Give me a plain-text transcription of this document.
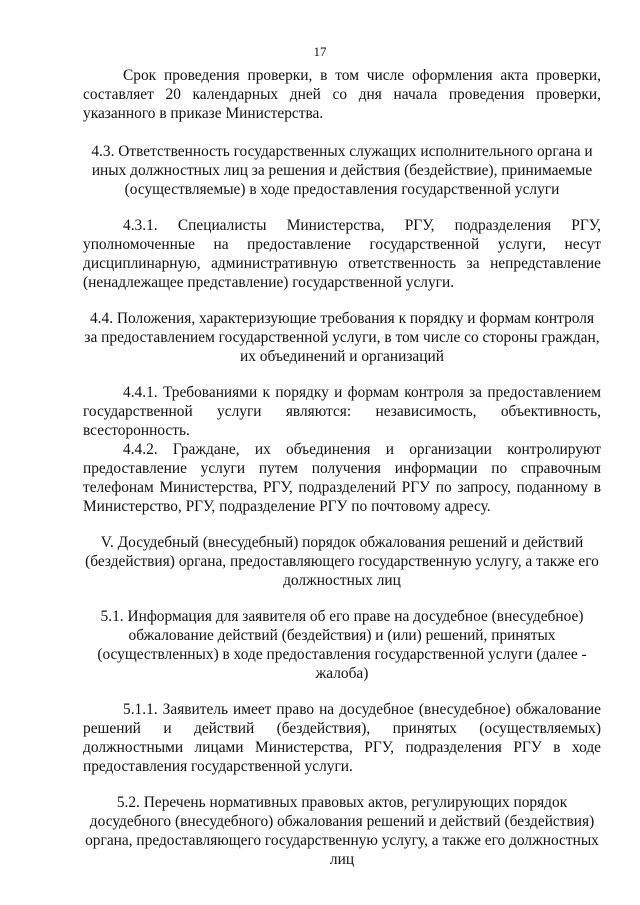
17

Срок проведения проверки, в том числе оформления акта проверки, составляет 20 календарных дней со дня начала проведения проверки, указанного в приказе Министерства.

4.3. Ответственность государственных служащих исполнительного органа и иных должностных лиц за решения и действия (бездействие), принимаемые (осуществляемые) в ходе предоставления государственной услуги

4.3.1. Специалисты Министерства, РГУ, подразделения РГУ, уполномоченные на предоставление государственной услуги, несут дисциплинарную, административную ответственность за непредставление (ненадлежащее представление) государственной услуги.

4.4. Положения, характеризующие требования к порядку и формам контроля за предоставлением государственной услуги, в том числе со стороны граждан, их объединений и организаций

4.4.1. Требованиями к порядку и формам контроля за предоставлением государственной услуги являются: независимость, объективность, всесторонность.

4.4.2. Граждане, их объединения и организации контролируют предоставление услуги путем получения информации по справочным телефонам Министерства, РГУ, подразделений РГУ по запросу, поданному в Министерство, РГУ, подразделение РГУ по почтовому адресу.

V. Досудебный (внесудебный) порядок обжалования решений и действий (бездействия) органа, предоставляющего государственную услугу, а также его должностных лиц

5.1. Информация для заявителя об его праве на досудебное (внесудебное) обжалование действий (бездействия) и (или) решений, принятых (осуществленных) в ходе предоставления государственной услуги (далее - жалоба)

5.1.1. Заявитель имеет право на досудебное (внесудебное) обжалование решений и действий (бездействия), принятых (осуществляемых) должностными лицами Министерства, РГУ, подразделения РГУ в ходе предоставления государственной услуги.

5.2. Перечень нормативных правовых актов, регулирующих порядок досудебного (внесудебного) обжалования решений и действий (бездействия) органа, предоставляющего государственную услугу, а также его должностных лиц
